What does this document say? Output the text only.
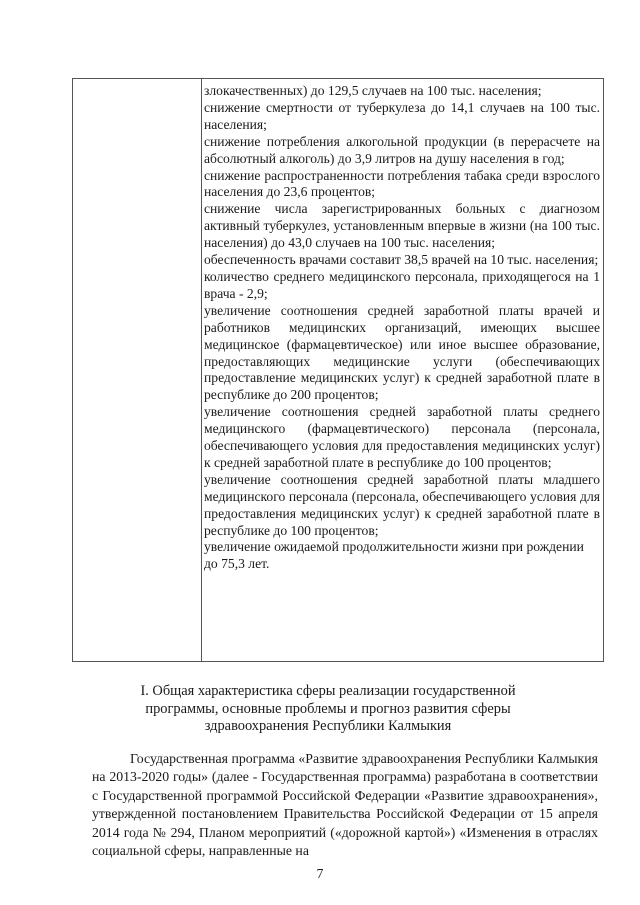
злокачественных) до 129,5 случаев на 100 тыс. населения;
снижение смертности от туберкулеза до 14,1 случаев на 100 тыс. населения;
снижение потребления алкогольной продукции (в перерасчете на абсолютный алкоголь) до 3,9 литров на душу населения в год;
снижение распространенности потребления табака среди взрослого населения до 23,6 процентов;
снижение числа зарегистрированных больных с диагнозом активный туберкулез, установленным впервые в жизни (на 100 тыс. населения) до 43,0 случаев на 100 тыс. населения;
обеспеченность врачами составит 38,5 врачей на 10 тыс. населения;
количество среднего медицинского персонала, приходящегося на 1 врача - 2,9;
увеличение соотношения средней заработной платы врачей и работников медицинских организаций, имеющих высшее медицинское (фармацевтическое) или иное высшее образование, предоставляющих медицинские услуги (обеспечивающих предоставление медицинских услуг) к средней заработной плате в республике до 200 процентов;
увеличение соотношения средней заработной платы среднего медицинского (фармацевтического) персонала (персонала, обеспечивающего условия для предоставления медицинских услуг) к средней заработной плате в республике до 100 процентов;
увеличение соотношения средней заработной платы младшего медицинского персонала (персонала, обеспечивающего условия для предоставления медицинских услуг) к средней заработной плате в республике до 100 процентов;
увеличение ожидаемой продолжительности жизни при рождении до 75,3 лет.
I. Общая характеристика сферы реализации государственной
программы, основные проблемы и прогноз развития сферы
здравоохранения Республики Калмыкия
Государственная программа «Развитие здравоохранения Республики Калмыкия на 2013-2020 годы» (далее - Государственная программа) разработана в соответствии с Государственной программой Российской Федерации «Развитие здравоохранения», утвержденной постановлением Правительства Российской Федерации от 15 апреля 2014 года № 294, Планом мероприятий («дорожной картой») «Изменения в отраслях социальной сферы, направленные на
7
